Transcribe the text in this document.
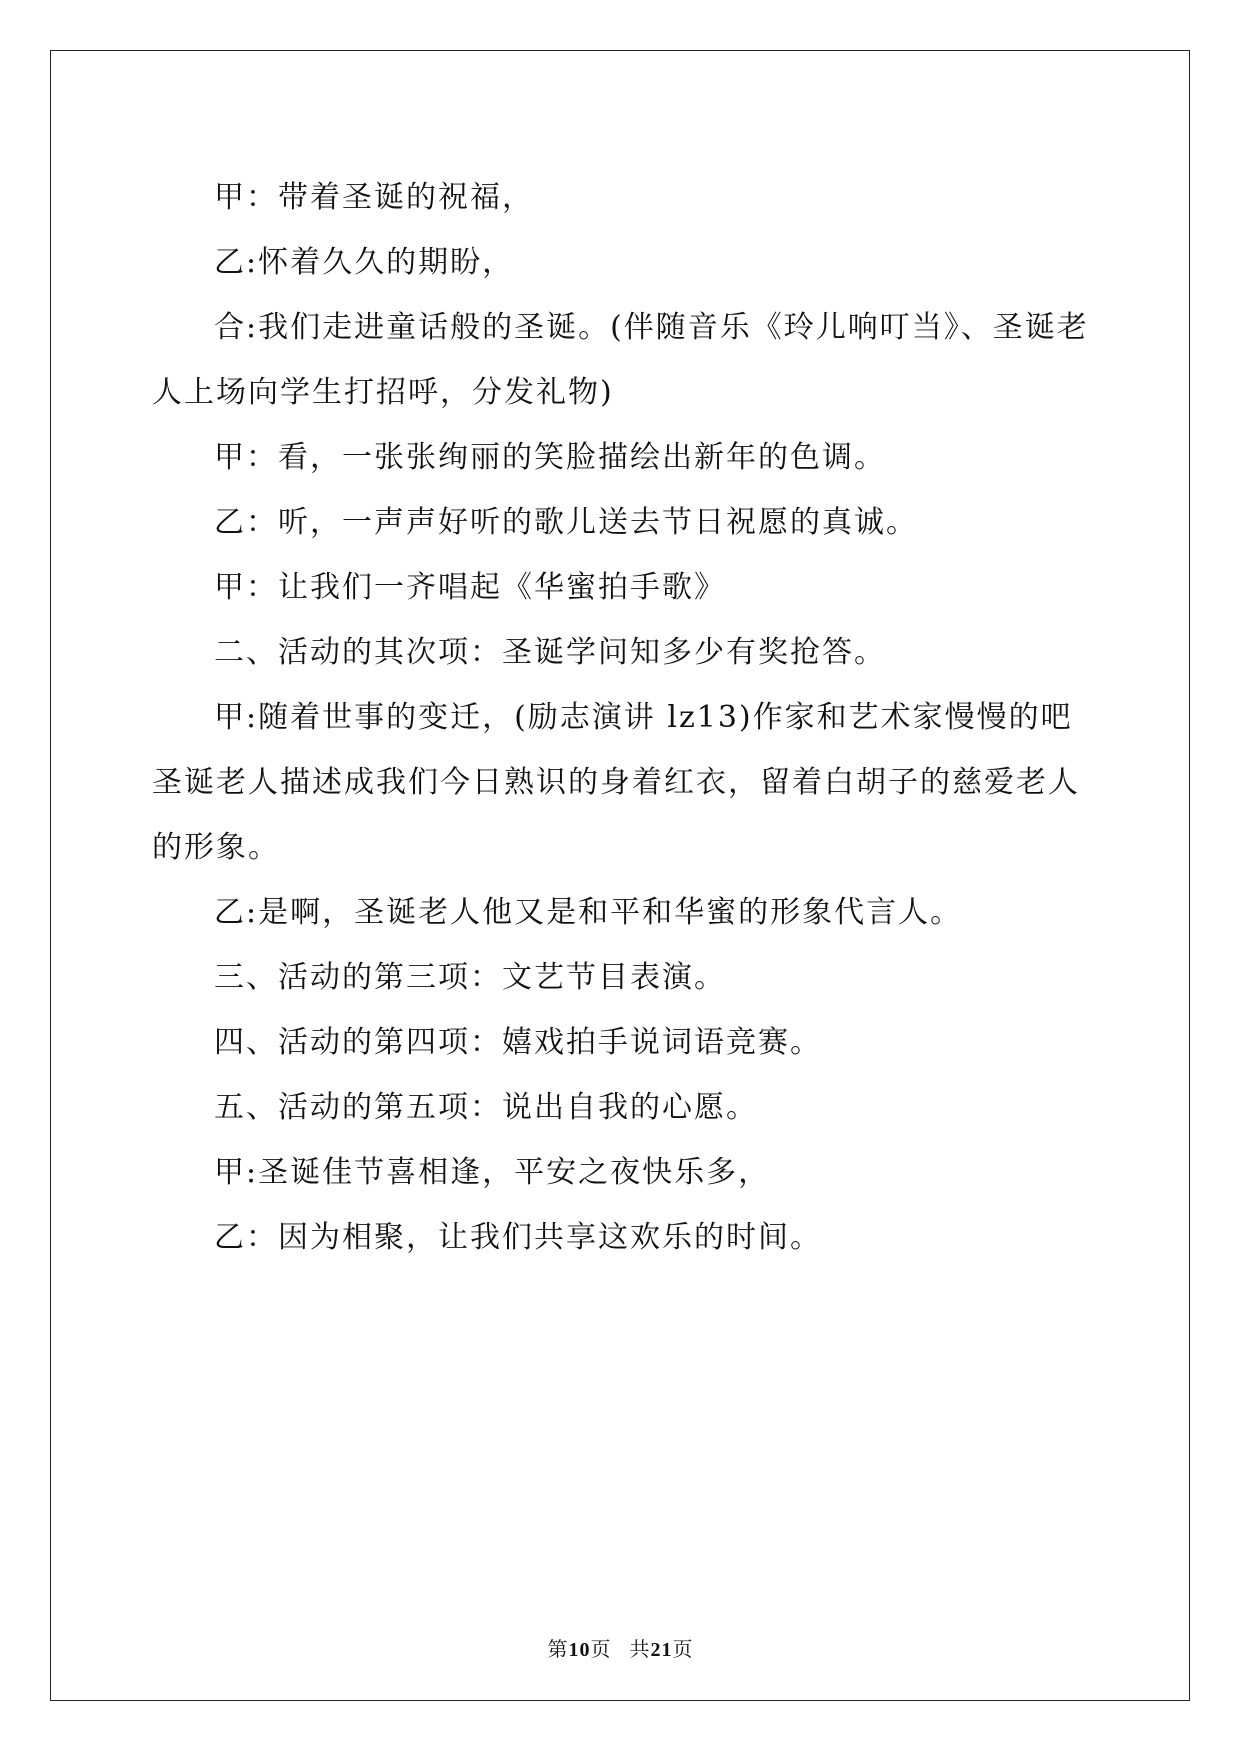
甲：带着圣诞的祝福，

乙:怀着久久的期盼，

合:我们走进童话般的圣诞。(伴随音乐《玲儿响叮当》、圣诞老人上场向学生打招呼，分发礼物)

甲：看，一张张绚丽的笑脸描绘出新年的色调。

乙：听，一声声好听的歌儿送去节日祝愿的真诚。

甲：让我们一齐唱起《华蜜拍手歌》

二、活动的其次项：圣诞学问知多少有奖抢答。

甲:随着世事的变迁，(励志演讲 lz13)作家和艺术家慢慢的吧圣诞老人描述成我们今日熟识的身着红衣，留着白胡子的慈爱老人的形象。

乙:是啊，圣诞老人他又是和平和华蜜的形象代言人。

三、活动的第三项：文艺节目表演。

四、活动的第四项：嬉戏拍手说词语竞赛。

五、活动的第五项：说出自我的心愿。

甲:圣诞佳节喜相逢，平安之夜快乐多，

乙：因为相聚，让我们共享这欢乐的时间。

第10页 共21页
